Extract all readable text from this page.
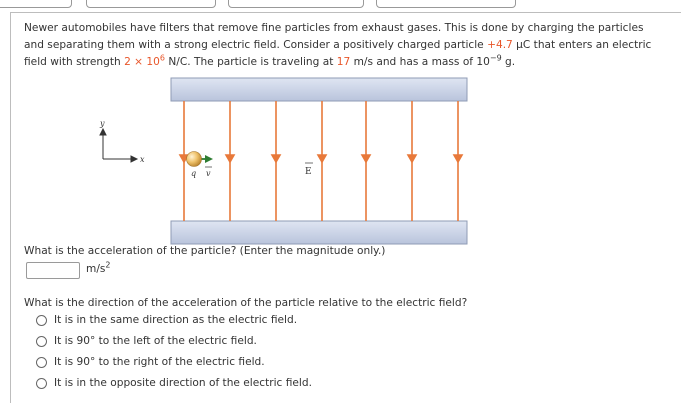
Newer automobiles have filters that remove fine particles from exhaust gases. This is done by charging the particles and separating them with a strong electric field. Consider a positively charged particle +4.7 μC that enters an electric field with strength $2 \times 10^6$ N/C. The particle is traveling at 17 m/s and has a mass of $10^{-9}$ g.
y
x
q v	E
What is the acceleration of the particle? (Enter the magnitude only.)
$m/s^2$
What is the direction of the acceleration of the particle relative to the electric field?
It is in the same direction as the electric field.
It is 90° to the left of the electric field.
It is 90° to the right of the electric field.
It is in the opposite direction of the electric field.
